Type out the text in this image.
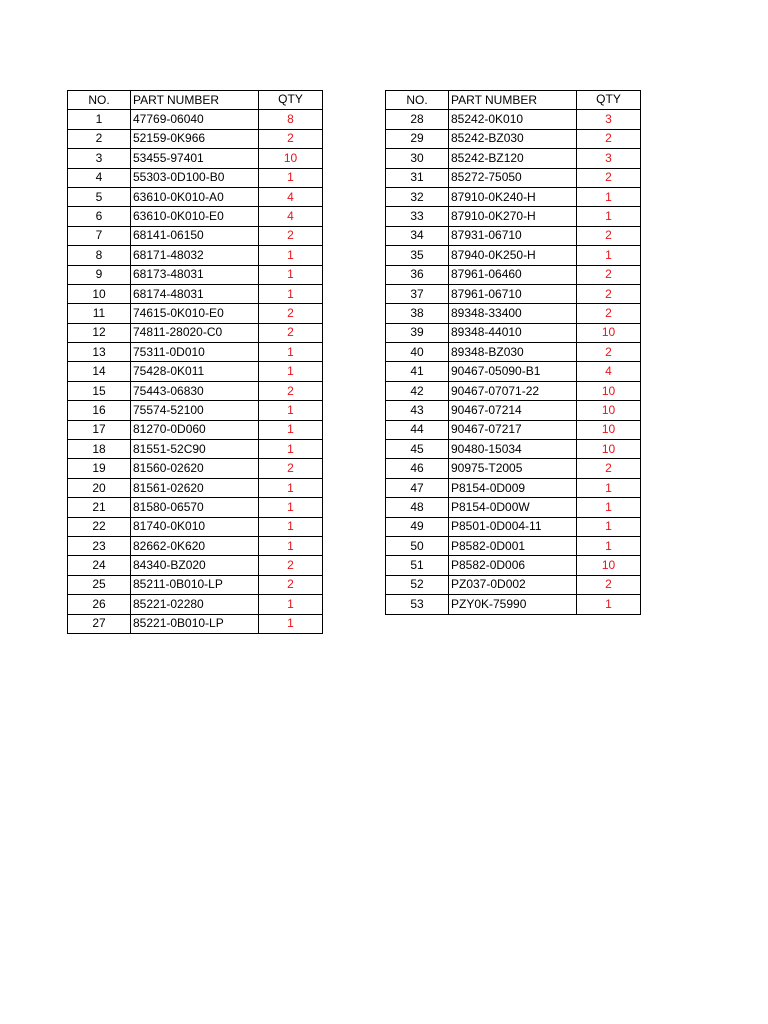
NO.	PART NUMBER	QTY
1	47769-06040	8
2	52159-0K966	2
3	53455-97401	10
4	55303-0D100-B0	1
5	63610-0K010-A0	4
6	63610-0K010-E0	4
7	68141-06150	2
8	68171-48032	1
9	68173-48031	1
10	68174-48031	1
11	74615-0K010-E0	2
12	74811-28020-C0	2
13	75311-0D010	1
14	75428-0K011	1
15	75443-06830	2
16	75574-52100	1
17	81270-0D060	1
18	81551-52C90	1
19	81560-02620	2
20	81561-02620	1
21	81580-06570	1
22	81740-0K010	1
23	82662-0K620	1
24	84340-BZ020	2
25	85211-0B010-LP	2
26	85221-02280	1
27	85221-0B010-LP	1
NO.	PART NUMBER	QTY
28	85242-0K010	3
29	85242-BZ030	2
30	85242-BZ120	3
31	85272-75050	2
32	87910-0K240-H	1
33	87910-0K270-H	1
34	87931-06710	2
35	87940-0K250-H	1
36	87961-06460	2
37	87961-06710	2
38	89348-33400	2
39	89348-44010	10
40	89348-BZ030	2
41	90467-05090-B1	4
42	90467-07071-22	10
43	90467-07214	10
44	90467-07217	10
45	90480-15034	10
46	90975-T2005	2
47	P8154-0D009	1
48	P8154-0D00W	1
49	P8501-0D004-11	1
50	P8582-0D001	1
51	P8582-0D006	10
52	PZ037-0D002	2
53	PZY0K-75990	1
